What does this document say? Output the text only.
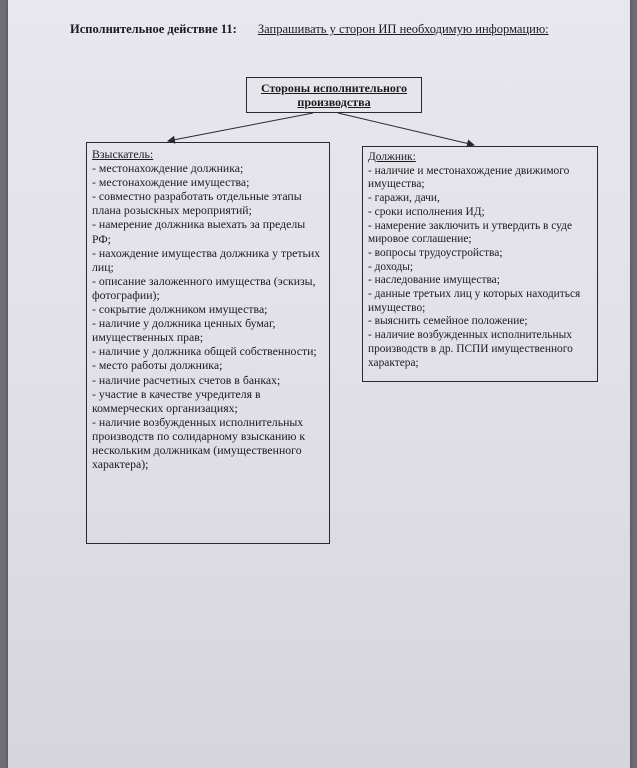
Исполнительное действие 11: Запрашивать у сторон ИП необходимую информацию:
Стороны исполнительного
производства
Взыскатель:
- местонахождение должника;
- местонахождение имущества;
- совместно разработать отдельные этапы плана розыскных мероприятий;
- намерение должника выехать за пределы РФ;
- нахождение имущества должника у третьих лиц;
- описание заложенного имущества (эскизы, фотографии);
- сокрытие должником имущества;
- наличие у должника ценных бумаг, имущественных прав;
- наличие у должника общей собственности;
- место работы должника;
- наличие расчетных счетов в банках;
- участие в качестве учредителя в коммерческих организациях;
- наличие возбужденных исполнительных производств по солидарному взысканию к нескольким должникам (имущественного характера);
Должник:
- наличие и местонахождение движимого имущества;
- гаражи, дачи,
- сроки исполнения ИД;
- намерение заключить и утвердить в суде мировое соглашение;
- вопросы трудоустройства;
- доходы;
- наследование имущества;
- данные третьих лиц у которых находиться имущество;
- выяснить семейное положение;
- наличие возбужденных исполнительных производств в др. ПСПИ имущественного характера;
